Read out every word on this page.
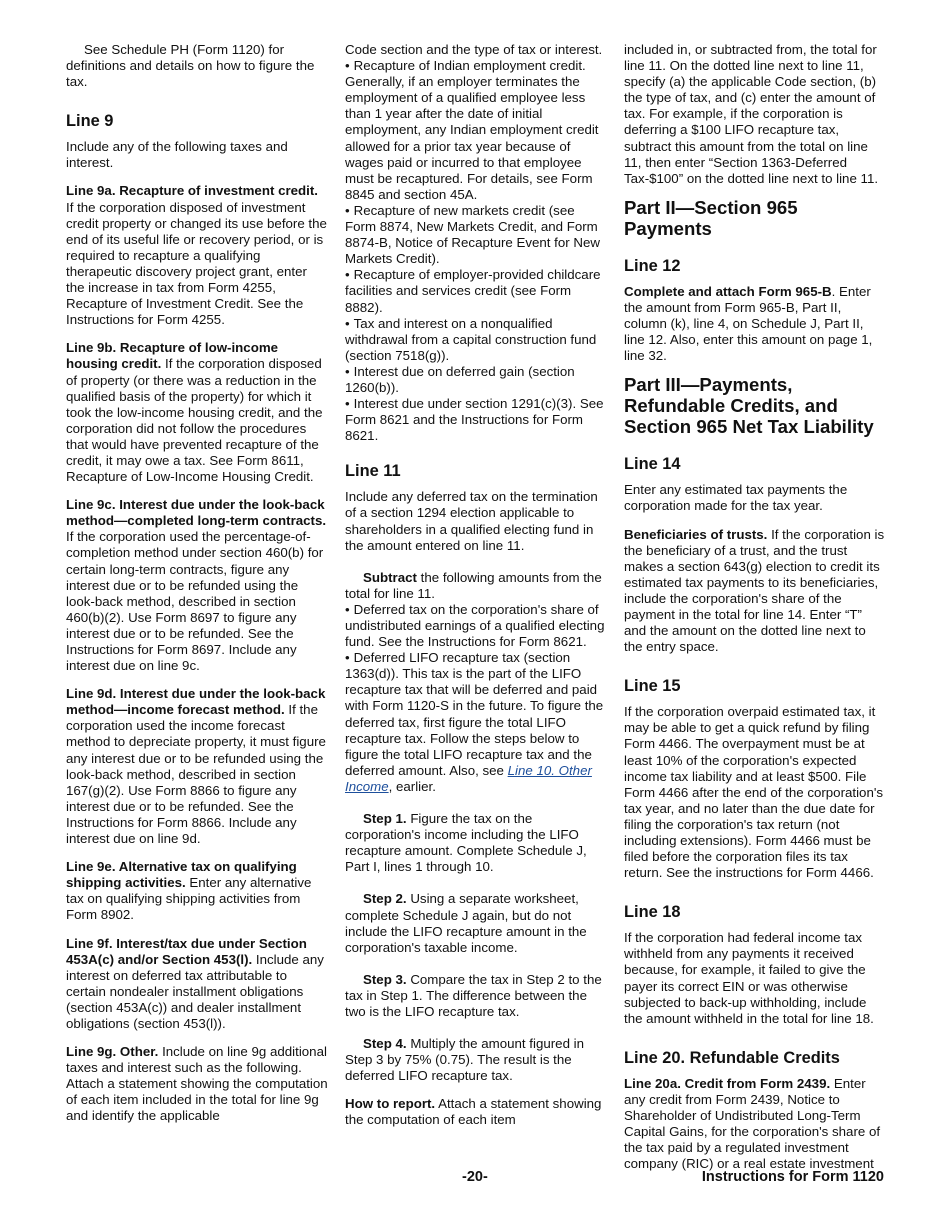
See Schedule PH (Form 1120) for definitions and details on how to figure the tax.

Line 9

Include any of the following taxes and interest.

Line 9a. Recapture of investment credit. If the corporation disposed of investment credit property or changed its use before the end of its useful life or recovery period, or is required to recapture a qualifying therapeutic discovery project grant, enter the increase in tax from Form 4255, Recapture of Investment Credit. See the Instructions for Form 4255.

Line 9b. Recapture of low-income housing credit. If the corporation disposed of property (or there was a reduction in the qualified basis of the property) for which it took the low-income housing credit, and the corporation did not follow the procedures that would have prevented recapture of the credit, it may owe a tax. See Form 8611, Recapture of Low-Income Housing Credit.

Line 9c. Interest due under the look-back method—completed long-term contracts. If the corporation used the percentage-of-completion method under section 460(b) for certain long-term contracts, figure any interest due or to be refunded using the look-back method, described in section 460(b)(2). Use Form 8697 to figure any interest due or to be refunded. See the Instructions for Form 8697. Include any interest due on line 9c.

Line 9d. Interest due under the look-back method—income forecast method. If the corporation used the income forecast method to depreciate property, it must figure any interest due or to be refunded using the look-back method, described in section 167(g)(2). Use Form 8866 to figure any interest due or to be refunded. See the Instructions for Form 8866. Include any interest due on line 9d.

Line 9e. Alternative tax on qualifying shipping activities. Enter any alternative tax on qualifying shipping activities from Form 8902.

Line 9f. Interest/tax due under Section 453A(c) and/or Section 453(l). Include any interest on deferred tax attributable to certain nondealer installment obligations (section 453A(c)) and dealer installment obligations (section 453(l)).

Line 9g. Other. Include on line 9g additional taxes and interest such as the following. Attach a statement showing the computation of each item included in the total for line 9g and identify the applicable

Code section and the type of tax or interest.

• Recapture of Indian employment credit. Generally, if an employer terminates the employment of a qualified employee less than 1 year after the date of initial employment, any Indian employment credit allowed for a prior tax year because of wages paid or incurred to that employee must be recaptured. For details, see Form 8845 and section 45A.

• Recapture of new markets credit (see Form 8874, New Markets Credit, and Form 8874-B, Notice of Recapture Event for New Markets Credit).

• Recapture of employer-provided childcare facilities and services credit (see Form 8882).

• Tax and interest on a nonqualified withdrawal from a capital construction fund (section 7518(g)).

• Interest due on deferred gain (section 1260(b)).

• Interest due under section 1291(c)(3). See Form 8621 and the Instructions for Form 8621.

Line 11

Include any deferred tax on the termination of a section 1294 election applicable to shareholders in a qualified electing fund in the amount entered on line 11.

Subtract the following amounts from the total for line 11.

• Deferred tax on the corporation's share of undistributed earnings of a qualified electing fund. See the Instructions for Form 8621.

• Deferred LIFO recapture tax (section 1363(d)). This tax is the part of the LIFO recapture tax that will be deferred and paid with Form 1120-S in the future. To figure the deferred tax, first figure the total LIFO recapture tax. Follow the steps below to figure the total LIFO recapture tax and the deferred amount. Also, see Line 10. Other Income, earlier.

Step 1. Figure the tax on the corporation's income including the LIFO recapture amount. Complete Schedule J, Part I, lines 1 through 10.

Step 2. Using a separate worksheet, complete Schedule J again, but do not include the LIFO recapture amount in the corporation's taxable income.

Step 3. Compare the tax in Step 2 to the tax in Step 1. The difference between the two is the LIFO recapture tax.

Step 4. Multiply the amount figured in Step 3 by 75% (0.75). The result is the deferred LIFO recapture tax.

How to report. Attach a statement showing the computation of each item

included in, or subtracted from, the total for line 11. On the dotted line next to line 11, specify (a) the applicable Code section, (b) the type of tax, and (c) enter the amount of tax. For example, if the corporation is deferring a $100 LIFO recapture tax, subtract this amount from the total on line 11, then enter “Section 1363-Deferred Tax-$100” on the dotted line next to line 11.

Part II—Section 965 Payments
Line 12

Complete and attach Form 965-B. Enter the amount from Form 965-B, Part II, column (k), line 4, on Schedule J, Part II, line 12. Also, enter this amount on page 1, line 32.

Part III—Payments, Refundable Credits, and Section 965 Net Tax Liability
Line 14

Enter any estimated tax payments the corporation made for the tax year.

Beneficiaries of trusts. If the corporation is the beneficiary of a trust, and the trust makes a section 643(g) election to credit its estimated tax payments to its beneficiaries, include the corporation's share of the payment in the total for line 14. Enter “T” and the amount on the dotted line next to the entry space.

Line 15

If the corporation overpaid estimated tax, it may be able to get a quick refund by filing Form 4466. The overpayment must be at least 10% of the corporation's expected income tax liability and at least $500. File Form 4466 after the end of the corporation's tax year, and no later than the due date for filing the corporation's tax return (not including extensions). Form 4466 must be filed before the corporation files its tax return. See the instructions for Form 4466.

Line 18

If the corporation had federal income tax withheld from any payments it received because, for example, it failed to give the payer its correct EIN or was otherwise subjected to back-up withholding, include the amount withheld in the total for line 18.

Line 20. Refundable Credits

Line 20a. Credit from Form 2439. Enter any credit from Form 2439, Notice to Shareholder of Undistributed Long-Term Capital Gains, for the corporation's share of the tax paid by a regulated investment company (RIC) or a real estate investment

-20-	Instructions for Form 1120
